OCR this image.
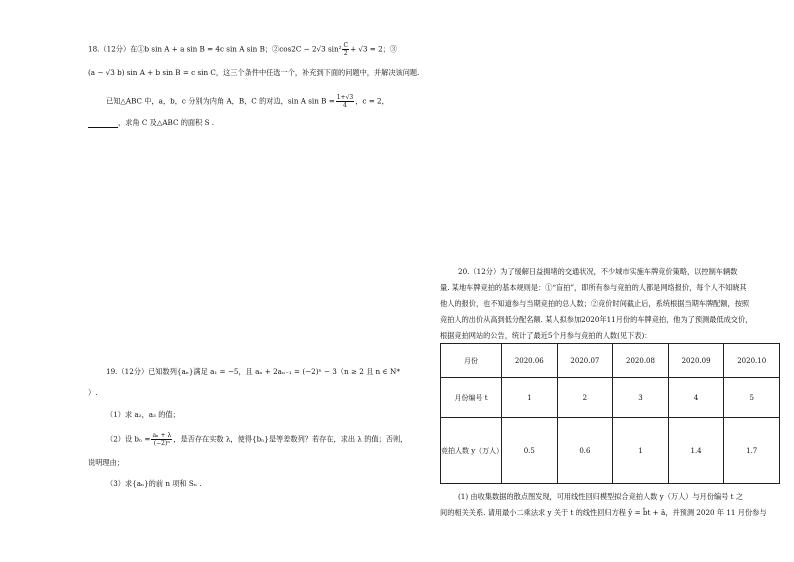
18.（12分）在①b sin A + a sin B = 4c sin A sin B；②cos2C − 2√3 $\sin^2 \frac{C}{2} + √3 = 2$；③
(a − √3 b) sin A + b sin B = c sin C，这三个条件中任选一个，补充到下面的问题中，并解决该问题.
已知△ABC 中，a，b，c 分别为内角 A，B，C 的对边，sin A $\sin B = \frac{1+√3}{4}$ ，c = 2，
，求角 C 及△ABC 的面积 S .
19.（12分）已知数列{aₙ}满足 a₁ = −5，且 aₙ + 2aₙ₋₁ = (−2)ⁿ − 3（n ≥ 2 且 n ∈ N*
）.
（1）求 a₂，a₃ 的值；
（2）设 $b_n = \frac{\text{aₙ + λ}}{\text{(−2)ⁿ}}$ ，是否存在实数 λ，使得{bₙ}是等差数列？若存在，求出 λ 的值；否则，
说明理由；
（3）求{aₙ}的前 n 项和 Sₙ .
20.（12分）为了缓解日益拥堵的交通状况，不少城市实施车牌竞价策略，以控制车辆数
量. 某地车牌竞拍的基本规则是：①“盲拍”，即所有参与竞拍的人都是网络报价，每个人不知晓其
他人的报价，也不知道参与当期竞拍的总人数；②竞价时间截止后，系统根据当期车牌配额，按照
竞拍人的出价从高到低分配名额. 某人拟参加2020年11月份的车牌竞拍，他为了预测最低成交价，
根据竞拍网站的公告，统计了最近5个月参与竞拍的人数(见下表)：
月份	2020.06	2020.07	2020.08	2020.09	2020.10
月份编号 t	1	2	3	4	5
竞拍人数 y（万人）	0.5	0.6	1	1.4	1.7
(1) 由收集数据的散点图发现，可用线性回归模型拟合竞拍人数 y（万人）与月份编号 t 之
间的相关关系. 请用最小二乘法求 y 关于 t 的线性回归方程 ŷ = b̂t + â，并预测 2020 年 11 月份参与
